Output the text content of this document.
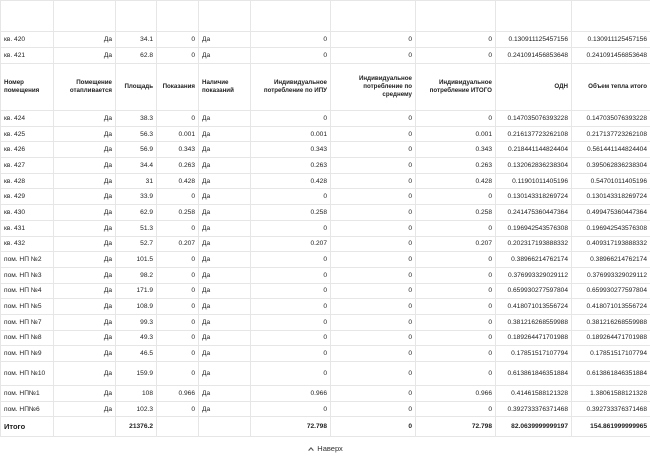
кв. 420	Да	34.1	0	Да	0	0	0	0.130911125457156	0.130911125457156
кв. 421	Да	62.8	0	Да	0	0	0	0.241091456853648	0.241091456853648
Номер помещения	Помещение отапливается	Площадь	Показания	Наличие показаний	Индивидуальное потребление по ИПУ	Индивидуальное потребление по среднему	Индивидуальное потребление ИТОГО	ОДН	Объем тепла итого
кв. 424	Да	38.3	0	Да	0	0	0	0.147035076393228	0.147035076393228
кв. 425	Да	56.3	0.001	Да	0.001	0	0.001	0.216137723262108	0.217137723262108
кв. 426	Да	56.9	0.343	Да	0.343	0	0.343	0.218441144824404	0.561441144824404
кв. 427	Да	34.4	0.263	Да	0.263	0	0.263	0.132062836238304	0.395062836238304
кв. 428	Да	31	0.428	Да	0.428	0	0.428	0.11901011405196	0.54701011405196
кв. 429	Да	33.9	0	Да	0	0	0	0.130143318269724	0.130143318269724
кв. 430	Да	62.9	0.258	Да	0.258	0	0.258	0.241475360447364	0.499475360447364
кв. 431	Да	51.3	0	Да	0	0	0	0.196942543576308	0.196942543576308
кв. 432	Да	52.7	0.207	Да	0.207	0	0.207	0.202317193888332	0.409317193888332
пом. НП №2	Да	101.5	0	Да	0	0	0	0.38966214762174	0.38966214762174
пом. НП №3	Да	98.2	0	Да	0	0	0	0.376993329029112	0.376993329029112
пом. НП №4	Да	171.9	0	Да	0	0	0	0.659930277597804	0.659930277597804
пом. НП №5	Да	108.9	0	Да	0	0	0	0.418071013556724	0.418071013556724
пом. НП №7	Да	99.3	0	Да	0	0	0	0.381216268559988	0.381216268559988
пом. НП №8	Да	49.3	0	Да	0	0	0	0.189264471701988	0.189264471701988
пом. НП №9	Да	46.5	0	Да	0	0	0	0.17851517107794	0.17851517107794
пом. НП №10	Да	159.9	0	Да	0	0	0	0.613861846351884	0.613861846351884
пом. НП№1	Да	108	0.966	Да	0.966	0	0.966	0.41461588121328	1.38061588121328
пом. НП№6	Да	102.3	0	Да	0	0	0	0.392733376371468	0.392733376371468
Итого		21376.2			72.798	0	72.798	82.0639999999197	154.861999999965
Наверх
